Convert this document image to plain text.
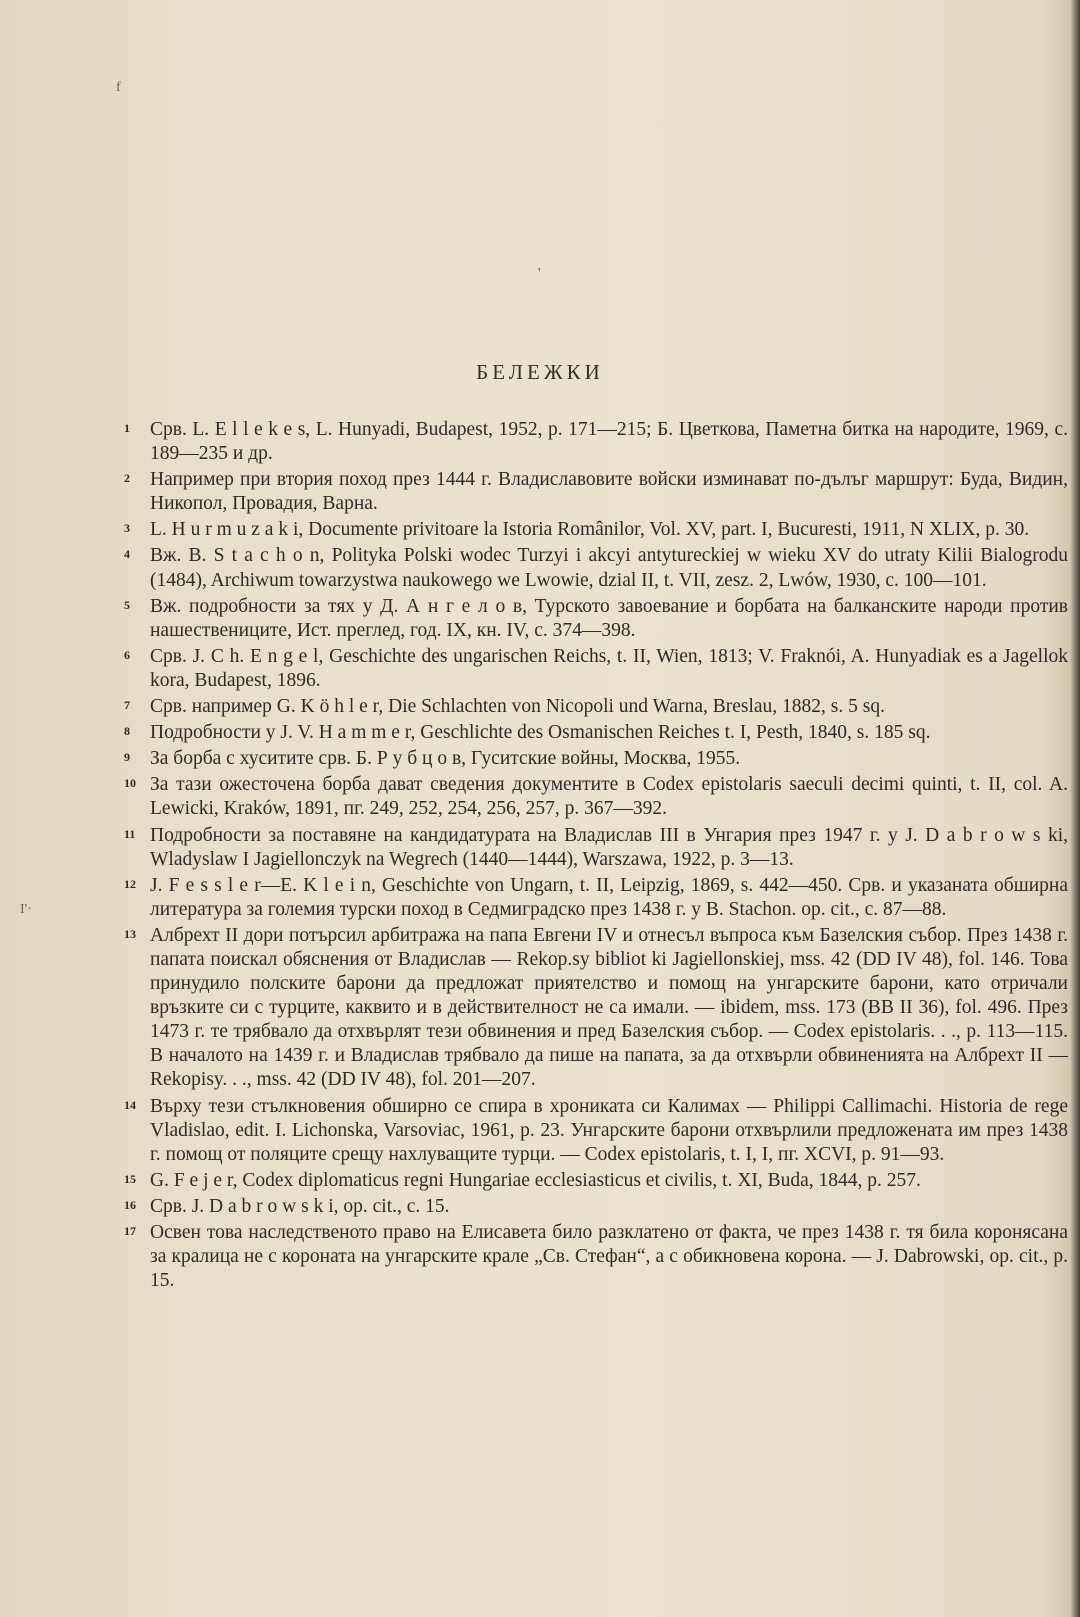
f
'
I'·
БЕЛЕЖКИ
1 Срв. L. E l l e k e s, L. Hunyadi, Budapest, 1952, p. 171—215; Б. Цветкова, Паметна битка на народите, 1969, с. 189—235 и др.
2 Например при втория поход през 1444 г. Владиславовите войски изминават по-дълъг маршрут: Буда, Видин, Никопол, Провадия, Варна.
3 L. H u r m u z a k i, Documente privitoare la Istoria Românilor, Vol. XV, part. I, Bucuresti, 1911, N XLIX, p. 30.
4 Вж. B. S t a c h o n, Polityka Polski wodec Turzyi i akcyi antytureckiej w wieku XV do utraty Kilii Bialogrodu (1484), Archiwum towarzystwa naukowego we Lwowie, dzial II, t. VII, zesz. 2, Lwów, 1930, c. 100—101.
5 Вж. подробности за тях у Д. А н г е л о в, Турското завоевание и борбата на балканските народи против нашествениците, Ист. преглед, год. IX, кн. IV, с. 374—398.
6 Срв. J. C h. E n g e l, Geschichte des ungarischen Reichs, t. II, Wien, 1813; V. Fraknói, A. Hunyadiak es a Jagellok kora, Budapest, 1896.
7 Срв. например G. K ö h l e r, Die Schlachten von Nicopoli und Warna, Breslau, 1882, s. 5 sq.
8 Подробности у J. V. H a m m e r, Geschlichte des Osmanischen Reiches t. I, Pesth, 1840, s. 185 sq.
9 За борба с хуситите срв. Б. Р у б ц о в, Гуситские войны, Москва, 1955.
10 За тази ожесточена борба дават сведения документите в Codex epistolaris saeculi decimi quinti, t. II, col. A. Lewicki, Kraków, 1891, пг. 249, 252, 254, 256, 257, p. 367—392.
11 Подробности за поставяне на кандидатурата на Владислав III в Унгария през 1947 г. у J. D a b r o w s ki, Wladyslaw I Jagiellonczyk na Wegrech (1440—1444), Warszawa, 1922, p. 3—13.
12 J. F e s s l e r—E. K l e i n, Geschichte von Ungarn, t. II, Leipzig, 1869, s. 442—450. Срв. и указаната обширна литература за големия турски поход в Седмиградско през 1438 г. у B. Stachon. op. cit., c. 87—88.
13 Албрехт II дори потърсил арбитража на папа Евгени IV и отнесъл въпроса към Базелския събор. През 1438 г. папата поискал обяснения от Владислав — Rekop.sy bibliot ki Jagiellonskiej, mss. 42 (DD IV 48), fol. 146. Това принудило полските барони да предложат приятелство и помощ на унгарските барони, като отричали връзките си с турците, каквито и в действителност не са имали. — ibidem, mss. 173 (BB II 36), fol. 496. През 1473 г. те трябвало да отхвърлят тези обвинения и пред Базелския събор. — Codex epistolaris. . ., p. 113—115. В началото на 1439 г. и Владислав трябвало да пише на папата, за да отхвърли обвиненията на Албрехт II — Rekopisy. . ., mss. 42 (DD IV 48), fol. 201—207.
14 Върху тези стълкновения обширно се спира в хрониката си Калимах — Philippi Callimachi. Historia de rege Vladislao, edit. I. Lichonska, Varsoviac, 1961, p. 23. Унгарските барони отхвърлили предложената им през 1438 г. помощ от поляците срещу нахлуващите турци. — Codex epistolaris, t. I, I, пг. XCVI, p. 91—93.
15 G. F e j e r, Codex diplomaticus regni Hungariae ecclesiasticus et civilis, t. XI, Buda, 1844, p. 257.
16 Срв. J. D a b r o w s k i, op. cit., c. 15.
17 Освен това наследственото право на Елисавета било разклатено от факта, че през 1438 г. тя била коронясана за кралица не с короната на унгарските крале „Св. Стефан“, а с обикновена корона. — J. Dabrowski, op. cit., p. 15.
